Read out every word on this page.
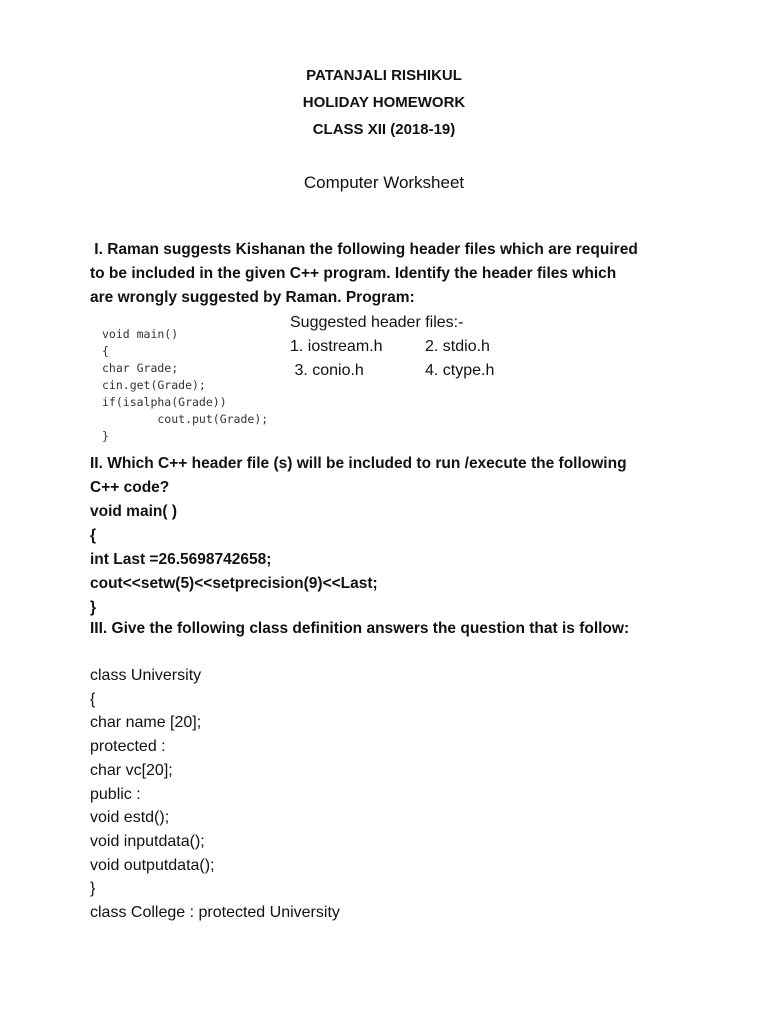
PATANJALI RISHIKUL
HOLIDAY HOMEWORK
CLASS XII (2018-19)
Computer Worksheet
I. Raman suggests Kishanan the following header files which are required
to be included in the given C++ program. Identify the header files which
are wrongly suggested by Raman. Program:
void main()
{
char Grade;
cin.get(Grade);
if(isalpha(Grade))
cout.put(Grade);
}
Suggested header files:-
1. iostream.h	2. stdio.h
3. conio.h	4. ctype.h
II. Which C++ header file (s) will be included to run /execute the following
C++ code?
void main( )
{
int Last =26.5698742658;
cout<<setw(5)<<setprecision(9)<<Last;
}
III. Give the following class definition answers the question that is follow:
class University
{
char name [20];
protected :
char vc[20];
public :
void estd();
void inputdata();
void outputdata();
}
class College : protected University
